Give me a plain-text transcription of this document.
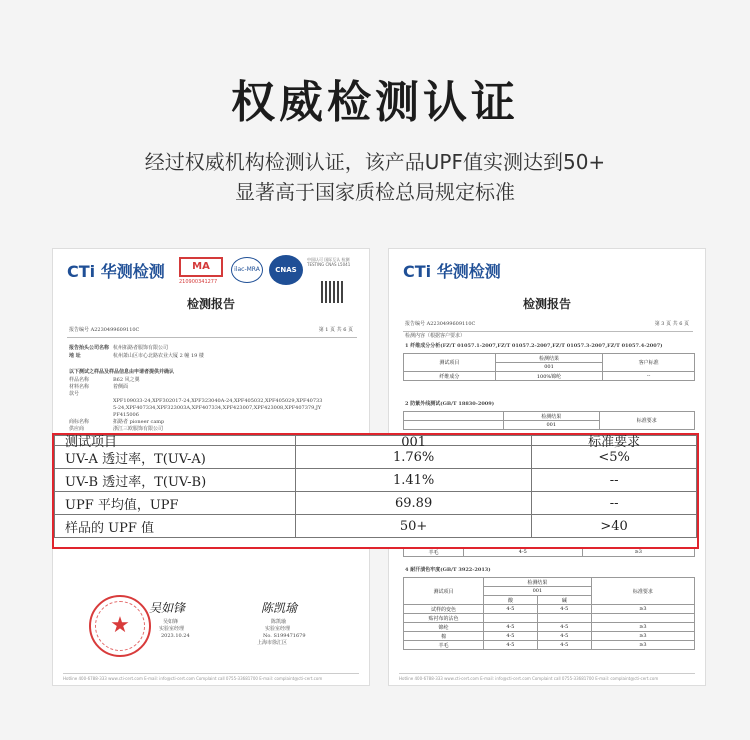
权威检测认证
经过权威机构检测认证，该产品UPF值实测达到50+
显著高于国家质检总局规定标准
CTi 华测检测	MA
210900341277
ilac-MRA	CNAS
中国认可 国际互认 检测 TESTING CNAS L5041
检测报告
报告编号 A2230499609110C	第 1 页 共 6 页
报告抬头公司名称 杭州拓路者服饰有限公司
地 址	杭州萧山区市心北路农业大厦 2 幢 19 楼
以下测试之样品及样品信息由申请者提供并确认
样品名称	B62 风之翼
材料名称	着侧面
款号
XPF109033-24,XPF302017-24,XPF323040A-24,XPF405032,XPF405029,XPF40733
5-24,XPF407334,XPF323003A,XPF407334,XPF423007,XPF423008,XPF407379,JY
PF415006
商标名称	拓路者 pioneer camp
供应商	浙江三欧服饰有限公司
★
吴如锋
吴如锋
实验室经理
2023.10.24
陈凯瑜
陈凯瑜
实验室经理
No. S199471679
上海市徐汇区
Hotline 400-6788-333 www.cti-cert.com E-mail: info@cti-cert.com Complaint call 0755-33681700 E-mail: complaint@cti-cert.com
CTi 华测检测
检测报告
报告编号 A2230499609110C	第 3 页 共 6 页
检测内容（根据客户要求）
1 纤维成分分析(FZ/T 01057.1-2007,FZ/T 01057.2-2007,FZ/T 01057.3-2007,FZ/T 01057.4-2007)
测试项目	检测结果	客户标准
	001	
纤维成分	100%锦纶	--
2 防紫外线测试(GB/T 18830-2009)
	检测结果	标准要求
	001	
羊毛	4-5	≥3
4 耐汗渍色牢度(GB/T 3922-2013)
测试项目	检测结果		标准要求
	001		
	酸	碱	
试样的变色	4-5	4-5	≥3
贴衬布的沾色			
锦纶	4-5	4-5	≥3
棉	4-5	4-5	≥3
羊毛	4-5	4-5	≥3
Hotline 400-6788-333 www.cti-cert.com E-mail: info@cti-cert.com Complaint call 0755-33681700 E-mail: complaint@cti-cert.com
测试项目	001	标准要求
UV-A 透过率，T(UV-A)	1.76%	<5%
UV-B 透过率，T(UV-B)	1.41%	--
UPF 平均值，UPF	69.89	--
样品的 UPF 值	50+	>40
